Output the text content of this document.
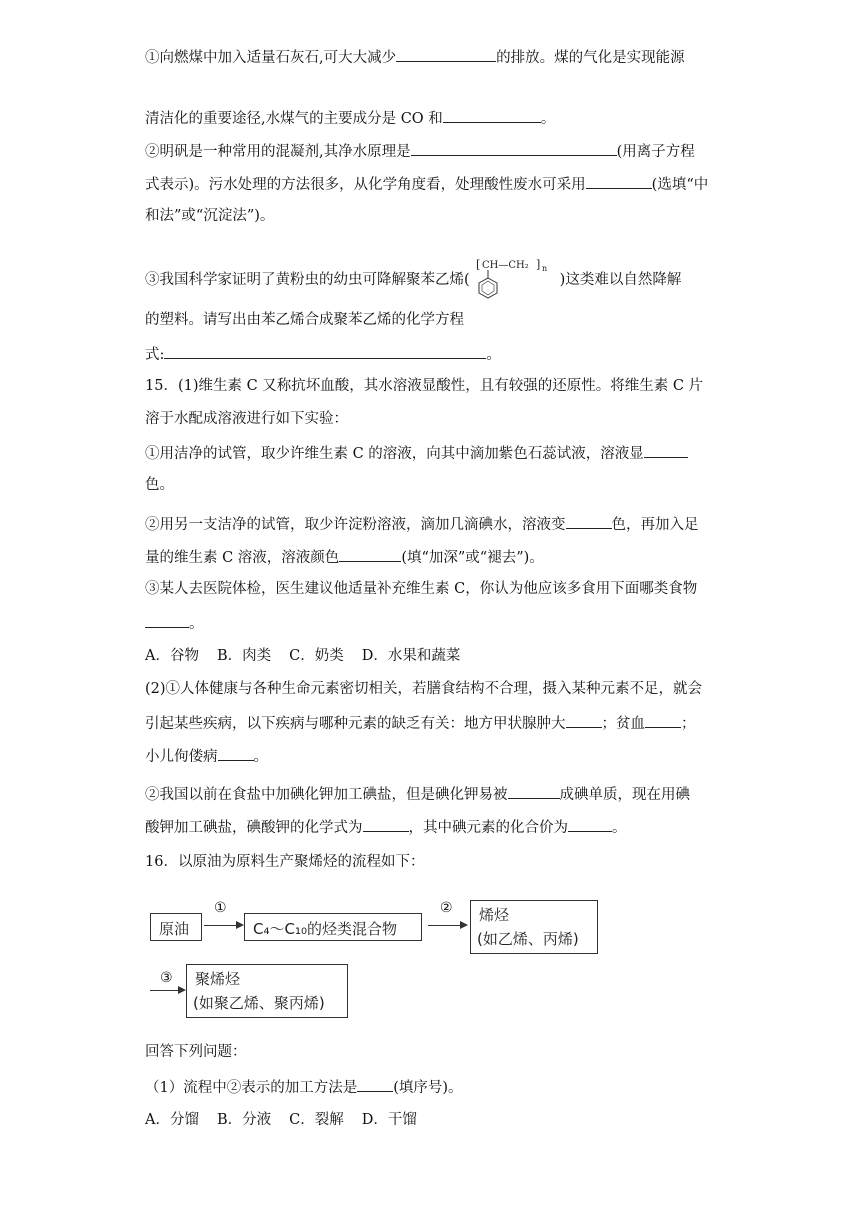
①向燃煤中加入适量石灰石,可大大减少	的排放。煤的气化是实现能源
清洁化的重要途径,水煤气的主要成分是 CO 和	。
②明矾是一种常用的混凝剂,其净水原理是	(用离子方程
式表示)。污水处理的方法很多，从化学角度看，处理酸性废水可采用	(选填“中
和法”或“沉淀法”)。
③我国科学家证明了黄粉虫的幼虫可降解聚苯乙烯(
[ CH—CH₂ ] n
)这类难以自然降解
的塑料。请写出由苯乙烯合成聚苯乙烯的化学方程
式:	。
15．(1)维生素 C 又称抗坏血酸，其水溶液显酸性，且有较强的还原性。将维生素 C 片
溶于水配成溶液进行如下实验：
①用洁净的试管，取少许维生素 C 的溶液，向其中滴加紫色石蕊试液，溶液显
色。
②用另一支洁净的试管，取少许淀粉溶液，滴加几滴碘水，溶液变	色，再加入足
量的维生素 C 溶液，溶液颜色	(填“加深”或“褪去”)。
③某人去医院体检，医生建议他适量补充维生素 C，你认为他应该多食用下面哪类食物
。
A．谷物 B．肉类 C．奶类 D．水果和蔬菜
(2)①人体健康与各种生命元素密切相关，若膳食结构不合理，摄入某种元素不足，就会
引起某些疾病，以下疾病与哪种元素的缺乏有关：地方甲状腺肿大 ；贫血 ；
小儿佝偻病 。
②我国以前在食盐中加碘化钾加工碘盐，但是碘化钾易被	成碘单质，现在用碘
酸钾加工碘盐，碘酸钾的化学式为	，其中碘元素的化合价为	。
16．以原油为原料生产聚烯烃的流程如下：
原油
①
C₄～C₁₀的烃类混合物
② 烯烃
(如乙烯、丙烯)
③ 聚烯烃
(如聚乙烯、聚丙烯)
回答下列问题：
（1）流程中②表示的加工方法是 (填序号)。
A．分馏 B．分液 C．裂解 D．干馏
